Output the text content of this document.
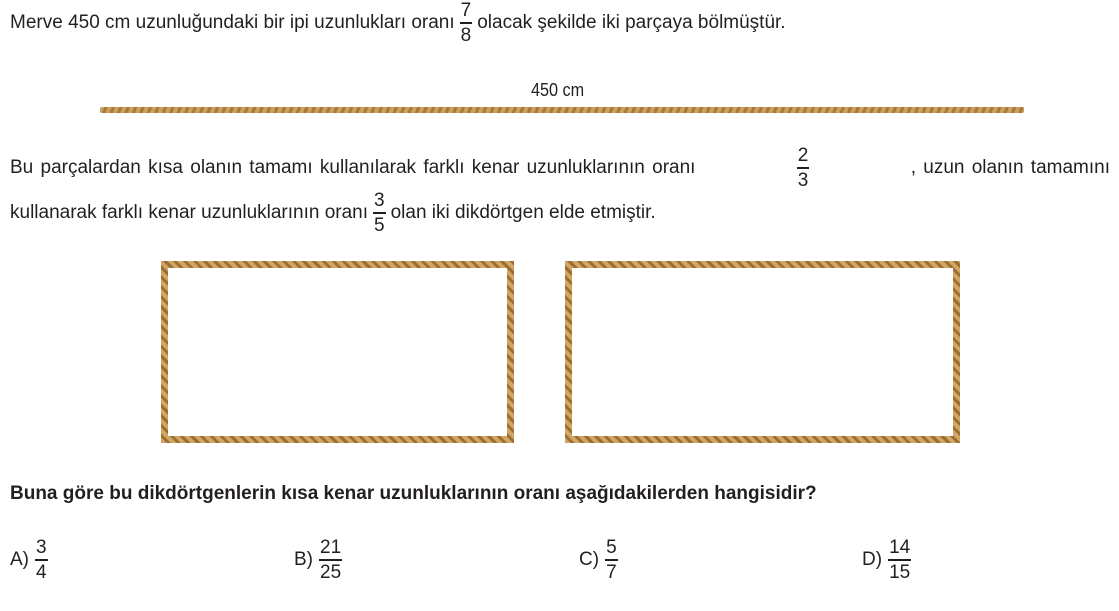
Merve 450 cm uzunluğundaki bir ipi uzunlukları oranı $\frac{7}{8}$ olacak şekilde iki parçaya bölmüştür.
450 cm
Bu parçalardan kısa olanın tamamı kullanılarak farklı kenar uzunluklarının oranı	$\frac{2}{3}$	, uzun olanın tamamını
kullanarak farklı kenar uzunluklarının oranı $\frac{3}{5}$ olan iki dikdörtgen elde etmiştir.
Buna göre bu dikdörtgenlerin kısa kenar uzunluklarının oranı aşağıdakilerden hangisidir?
$A) \frac{3}{4}$	$B) \frac{21}{25}$	$C) \frac{5}{7}$	$D) \frac{14}{15}$
